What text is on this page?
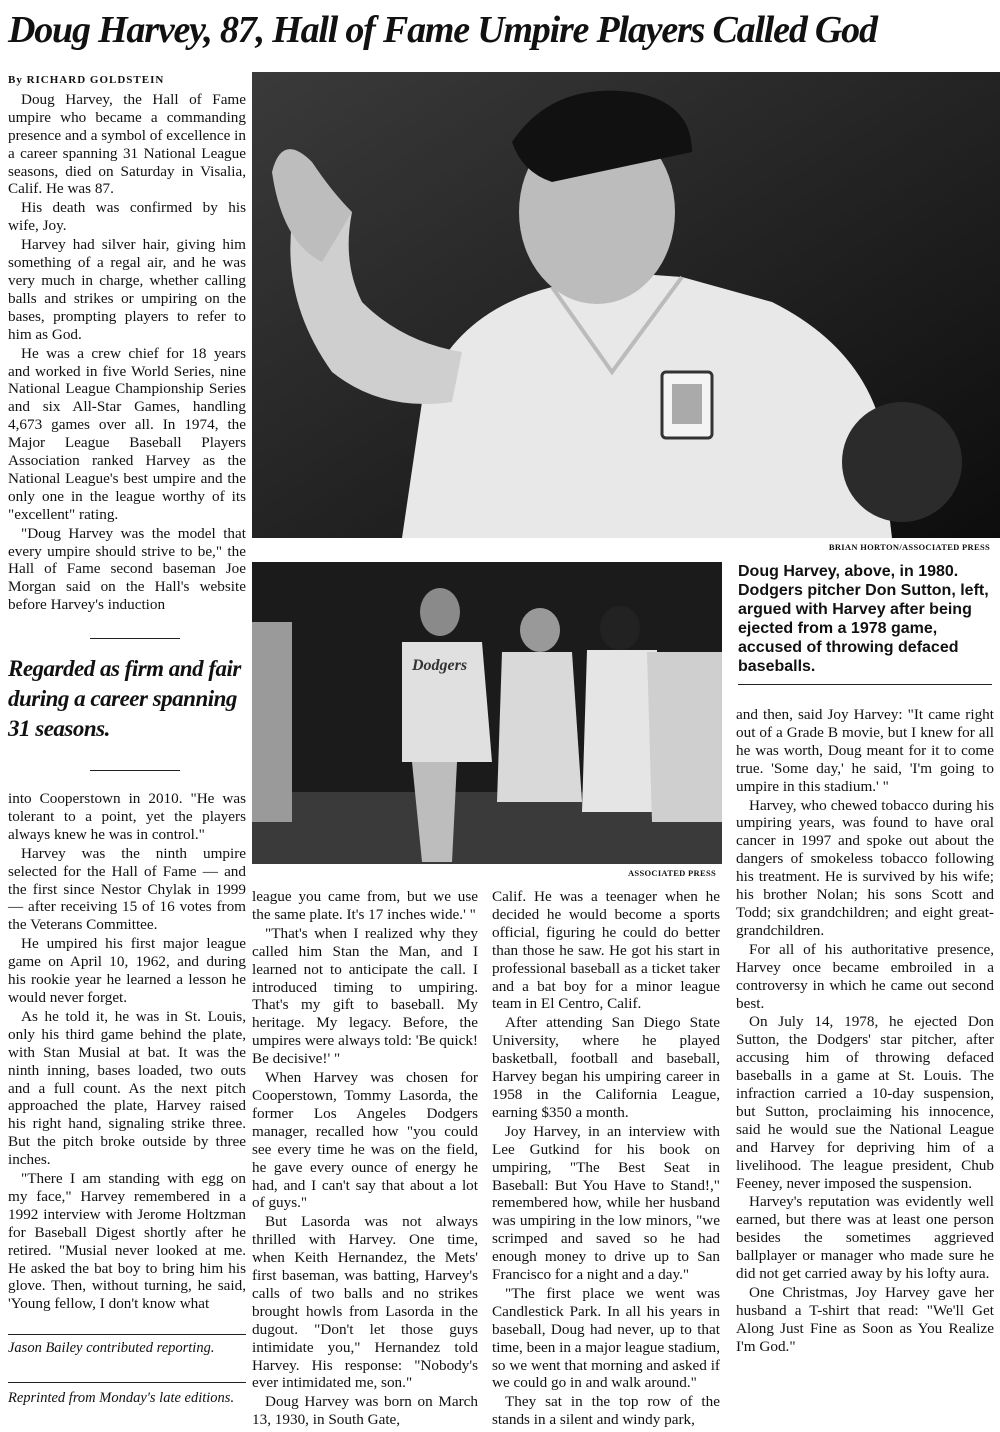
Doug Harvey, 87, Hall of Fame Umpire Players Called God

By RICHARD GOLDSTEIN

Doug Harvey, the Hall of Fame umpire who became a commanding presence and a symbol of excellence in a career spanning 31 National League seasons, died on Saturday in Visalia, Calif. He was 87.

His death was confirmed by his wife, Joy.

Harvey had silver hair, giving him something of a regal air, and he was very much in charge, whether calling balls and strikes or umpiring on the bases, prompting players to refer to him as God.

He was a crew chief for 18 years and worked in five World Series, nine National League Championship Series and six All-Star Games, handling 4,673 games over all. In 1974, the Major League Baseball Players Association ranked Harvey as the National League's best umpire and the only one in the league worthy of its "excellent" rating.

"Doug Harvey was the model that every umpire should strive to be," the Hall of Fame second baseman Joe Morgan said on the Hall's website before Harvey's induction

Regarded as firm and fair during a career spanning 31 seasons.

into Cooperstown in 2010. "He was tolerant to a point, yet the players always knew he was in control."

Harvey was the ninth umpire selected for the Hall of Fame — and the first since Nestor Chylak in 1999 — after receiving 15 of 16 votes from the Veterans Committee.

He umpired his first major league game on April 10, 1962, and during his rookie year he learned a lesson he would never forget.

As he told it, he was in St. Louis, only his third game behind the plate, with Stan Musial at bat. It was the ninth inning, bases loaded, two outs and a full count. As the next pitch approached the plate, Harvey raised his right hand, signaling strike three. But the pitch broke outside by three inches.

"There I am standing with egg on my face," Harvey remembered in a 1992 interview with Jerome Holtzman for Baseball Digest shortly after he retired. "Musial never looked at me. He asked the bat boy to bring him his glove. Then, without turning, he said, 'Young fellow, I don't know what

Jason Bailey contributed reporting.
Reprinted from Monday's late editions.
BRIAN HORTON/ASSOCIATED PRESS
Dodgers
ASSOCIATED PRESS
Doug Harvey, above, in 1980. Dodgers pitcher Don Sutton, left, argued with Harvey after being ejected from a 1978 game, accused of throwing defaced baseballs.

league you came from, but we use the same plate. It's 17 inches wide.' "

"That's when I realized why they called him Stan the Man, and I learned not to anticipate the call. I introduced timing to umpiring. That's my gift to baseball. My heritage. My legacy. Before, the umpires were always told: 'Be quick! Be decisive!' "

When Harvey was chosen for Cooperstown, Tommy Lasorda, the former Los Angeles Dodgers manager, recalled how "you could see every time he was on the field, he gave every ounce of energy he had, and I can't say that about a lot of guys."

But Lasorda was not always thrilled with Harvey. One time, when Keith Hernandez, the Mets' first baseman, was batting, Harvey's calls of two balls and no strikes brought howls from Lasorda in the dugout. "Don't let those guys intimidate you," Hernandez told Harvey. His response: "Nobody's ever intimidated me, son."

Doug Harvey was born on March 13, 1930, in South Gate,

Calif. He was a teenager when he decided he would become a sports official, figuring he could do better than those he saw. He got his start in professional baseball as a ticket taker and a bat boy for a minor league team in El Centro, Calif.

After attending San Diego State University, where he played basketball, football and baseball, Harvey began his umpiring career in 1958 in the California League, earning $350 a month.

Joy Harvey, in an interview with Lee Gutkind for his book on umpiring, "The Best Seat in Baseball: But You Have to Stand!," remembered how, while her husband was umpiring in the low minors, "we scrimped and saved so he had enough money to drive up to San Francisco for a night and a day."

"The first place we went was Candlestick Park. In all his years in baseball, Doug had never, up to that time, been in a major league stadium, so we went that morning and asked if we could go in and walk around."

They sat in the top row of the stands in a silent and windy park,

and then, said Joy Harvey: "It came right out of a Grade B movie, but I knew for all he was worth, Doug meant for it to come true. 'Some day,' he said, 'I'm going to umpire in this stadium.' "

Harvey, who chewed tobacco during his umpiring years, was found to have oral cancer in 1997 and spoke out about the dangers of smokeless tobacco following his treatment. He is survived by his wife; his brother Nolan; his sons Scott and Todd; six grandchildren; and eight great-grandchildren.

For all of his authoritative presence, Harvey once became embroiled in a controversy in which he came out second best.

On July 14, 1978, he ejected Don Sutton, the Dodgers' star pitcher, after accusing him of throwing defaced baseballs in a game at St. Louis. The infraction carried a 10-day suspension, but Sutton, proclaiming his innocence, said he would sue the National League and Harvey for depriving him of a livelihood. The league president, Chub Feeney, never imposed the suspension.

Harvey's reputation was evidently well earned, but there was at least one person besides the sometimes aggrieved ballplayer or manager who made sure he did not get carried away by his lofty aura.

One Christmas, Joy Harvey gave her husband a T-shirt that read: "We'll Get Along Just Fine as Soon as You Realize I'm God."
